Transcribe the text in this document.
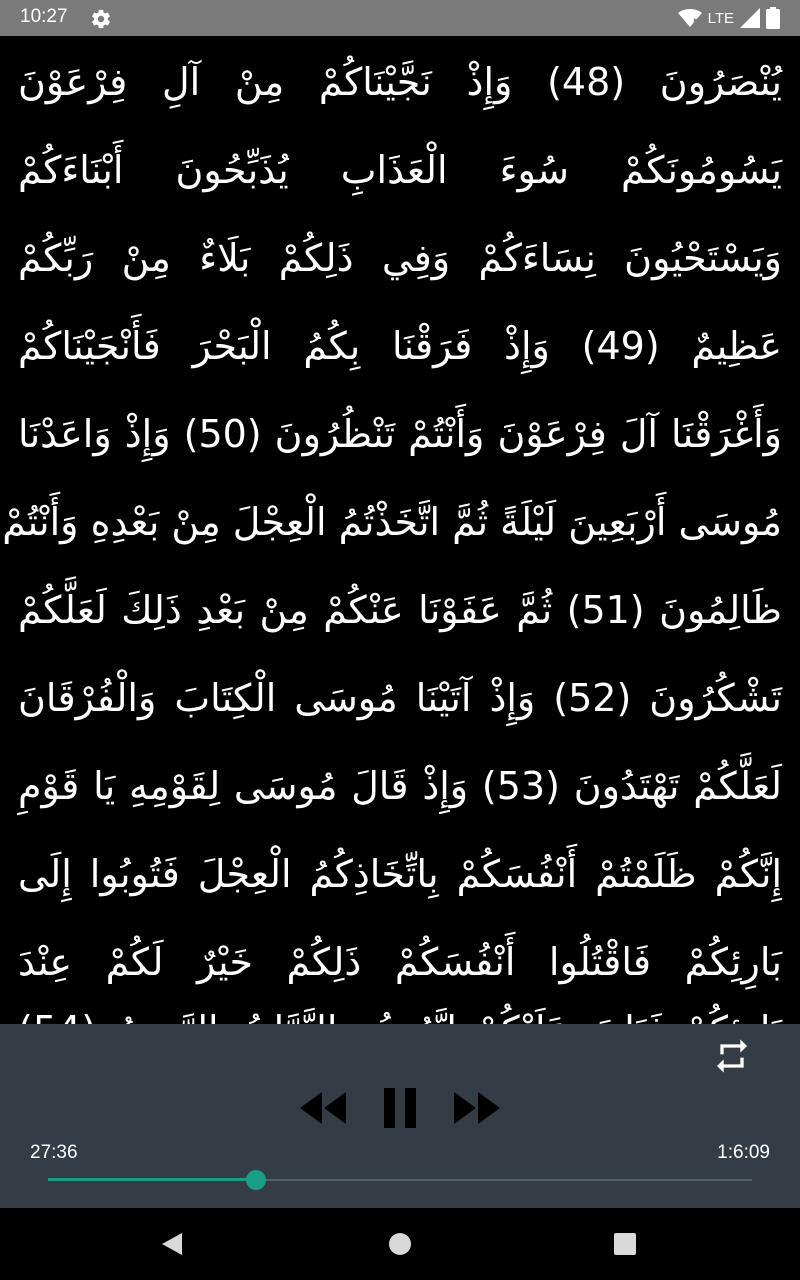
10:27	LTE
يُنْصَرُونَ (48) وَإِذْ نَجَّيْنَاكُمْ مِنْ آلِ فِرْعَوْنَ
يَسُومُونَكُمْ سُوءَ الْعَذَابِ يُذَبِّحُونَ أَبْنَاءَكُمْ
وَيَسْتَحْيُونَ نِسَاءَكُمْ وَفِي ذَلِكُمْ بَلَاءٌ مِنْ رَبِّكُمْ
عَظِيمٌ (49) وَإِذْ فَرَقْنَا بِكُمُ الْبَحْرَ فَأَنْجَيْنَاكُمْ
وَأَغْرَقْنَا آلَ فِرْعَوْنَ وَأَنْتُمْ تَنْظُرُونَ (50) وَإِذْ وَاعَدْنَا
مُوسَى أَرْبَعِينَ لَيْلَةً ثُمَّ اتَّخَذْتُمُ الْعِجْلَ مِنْ بَعْدِهِ وَأَنْتُمْ
ظَالِمُونَ (51) ثُمَّ عَفَوْنَا عَنْكُمْ مِنْ بَعْدِ ذَلِكَ لَعَلَّكُمْ
تَشْكُرُونَ (52) وَإِذْ آتَيْنَا مُوسَى الْكِتَابَ وَالْفُرْقَانَ
لَعَلَّكُمْ تَهْتَدُونَ (53) وَإِذْ قَالَ مُوسَى لِقَوْمِهِ يَا قَوْمِ
إِنَّكُمْ ظَلَمْتُمْ أَنْفُسَكُمْ بِاتِّخَاذِكُمُ الْعِجْلَ فَتُوبُوا إِلَى
بَارِئِكُمْ فَاقْتُلُوا أَنْفُسَكُمْ ذَلِكُمْ خَيْرٌ لَكُمْ عِنْدَ
27:36	1:6:09
